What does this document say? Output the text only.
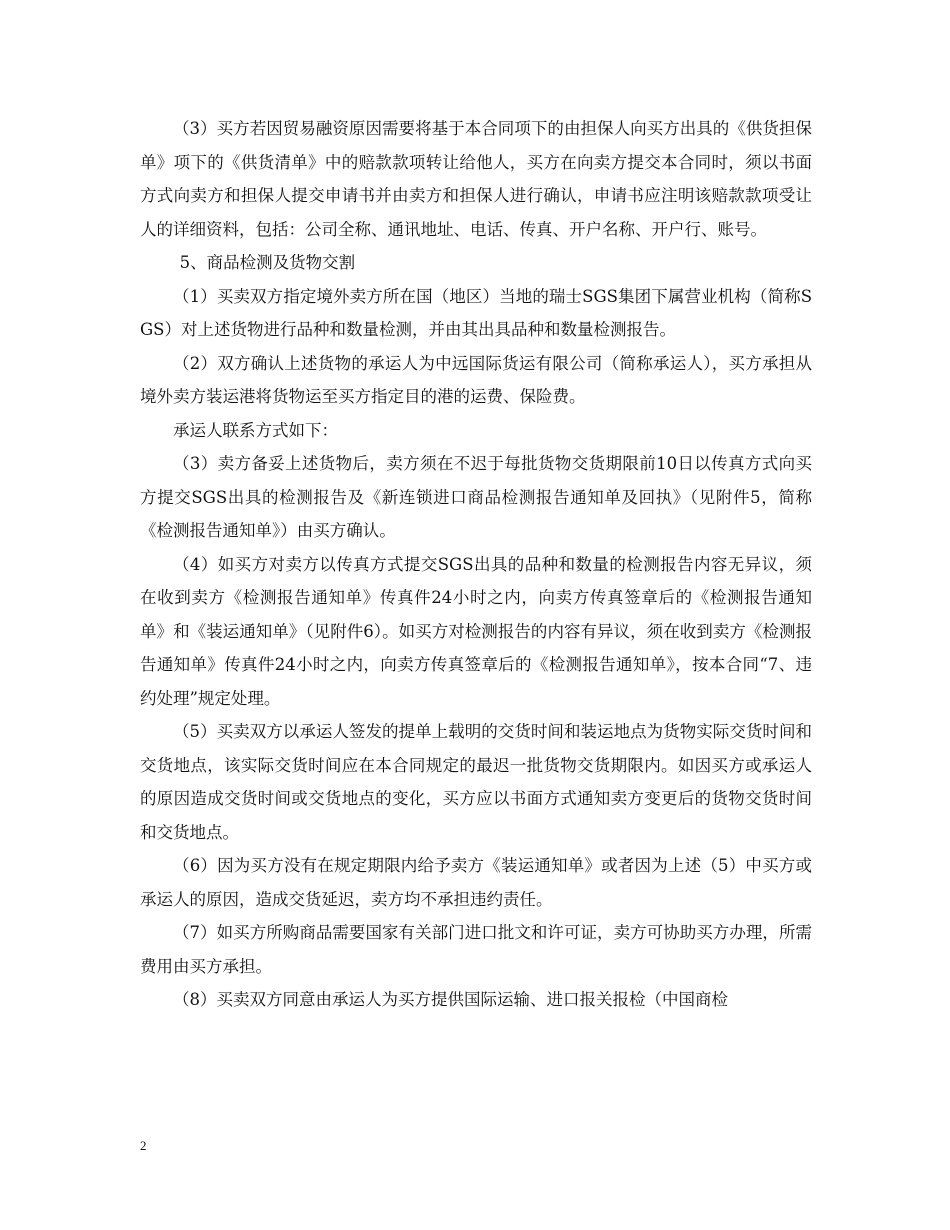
（3）买方若因贸易融资原因需要将基于本合同项下的由担保人向买方出具的《供货担保单》项下的《供货清单》中的赔款款项转让给他人，买方在向卖方提交本合同时，须以书面方式向卖方和担保人提交申请书并由卖方和担保人进行确认，申请书应注明该赔款款项受让人的详细资料，包括：公司全称、通讯地址、电话、传真、开户名称、开户行、账号。

5、商品检测及货物交割

（1）买卖双方指定境外卖方所在国（地区）当地的瑞士SGS集团下属营业机构（简称SGS）对上述货物进行品种和数量检测，并由其出具品种和数量检测报告。

（2）双方确认上述货物的承运人为中远国际货运有限公司（简称承运人），买方承担从境外卖方装运港将货物运至买方指定目的港的运费、保险费。

承运人联系方式如下：

（3）卖方备妥上述货物后，卖方须在不迟于每批货物交货期限前10日以传真方式向买方提交SGS出具的检测报告及《新连锁进口商品检测报告通知单及回执》（见附件5，简称《检测报告通知单》）由买方确认。

（4）如买方对卖方以传真方式提交SGS出具的品种和数量的检测报告内容无异议，须在收到卖方《检测报告通知单》传真件24小时之内，向卖方传真签章后的《检测报告通知单》和《装运通知单》（见附件6）。如买方对检测报告的内容有异议，须在收到卖方《检测报告通知单》传真件24小时之内，向卖方传真签章后的《检测报告通知单》，按本合同“7、违约处理”规定处理。

（5）买卖双方以承运人签发的提单上载明的交货时间和装运地点为货物实际交货时间和交货地点，该实际交货时间应在本合同规定的最迟一批货物交货期限内。如因买方或承运人的原因造成交货时间或交货地点的变化，买方应以书面方式通知卖方变更后的货物交货时间和交货地点。

（6）因为买方没有在规定期限内给予卖方《装运通知单》或者因为上述（5）中买方或承运人的原因，造成交货延迟，卖方均不承担违约责任。

（7）如买方所购商品需要国家有关部门进口批文和许可证，卖方可协助买方办理，所需费用由买方承担。

（8）买卖双方同意由承运人为买方提供国际运输、进口报关报检（中国商检

2
